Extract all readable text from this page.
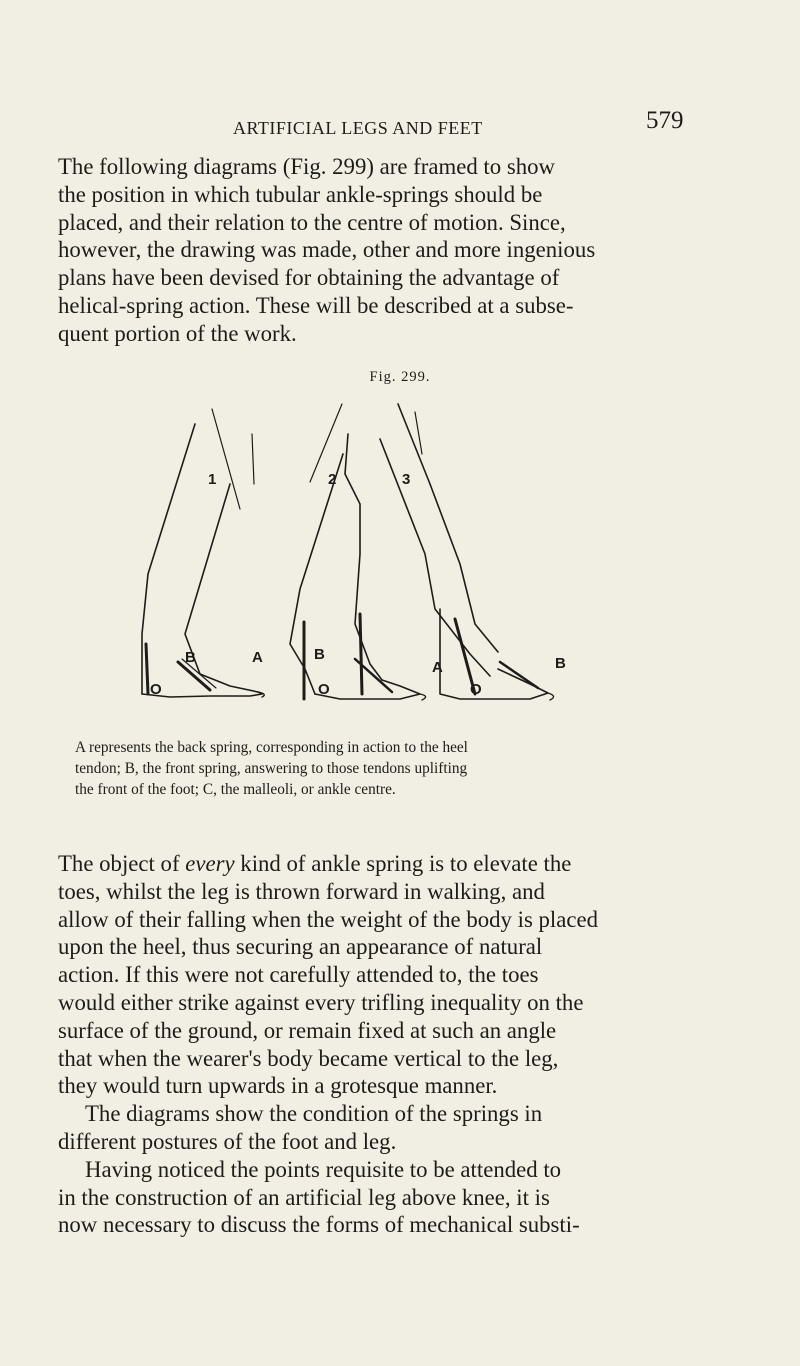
ARTIFICIAL LEGS AND FEET	579

The following diagrams (Fig. 299) are framed to show
the position in which tubular ankle-springs should be
placed, and their relation to the centre of motion. Since,
however, the drawing was made, other and more ingenious
plans have been devised for obtaining the advantage of
helical-spring action. These will be described at a subse-
quent portion of the work.

Fig. 299.
1	2	3
B
O
A	B
O
A	B
O

A represents the back spring, corresponding in action to the heel
tendon; B, the front spring, answering to those tendons uplifting
the front of the foot; C, the malleoli, or ankle centre.

The object of every kind of ankle spring is to elevate the
toes, whilst the leg is thrown forward in walking, and
allow of their falling when the weight of the body is placed
upon the heel, thus securing an appearance of natural
action. If this were not carefully attended to, the toes
would either strike against every trifling inequality on the
surface of the ground, or remain fixed at such an angle
that when the wearer's body became vertical to the leg,
they would turn upwards in a grotesque manner.
The diagrams show the condition of the springs in
different postures of the foot and leg.
Having noticed the points requisite to be attended to
in the construction of an artificial leg above knee, it is
now necessary to discuss the forms of mechanical substi-
